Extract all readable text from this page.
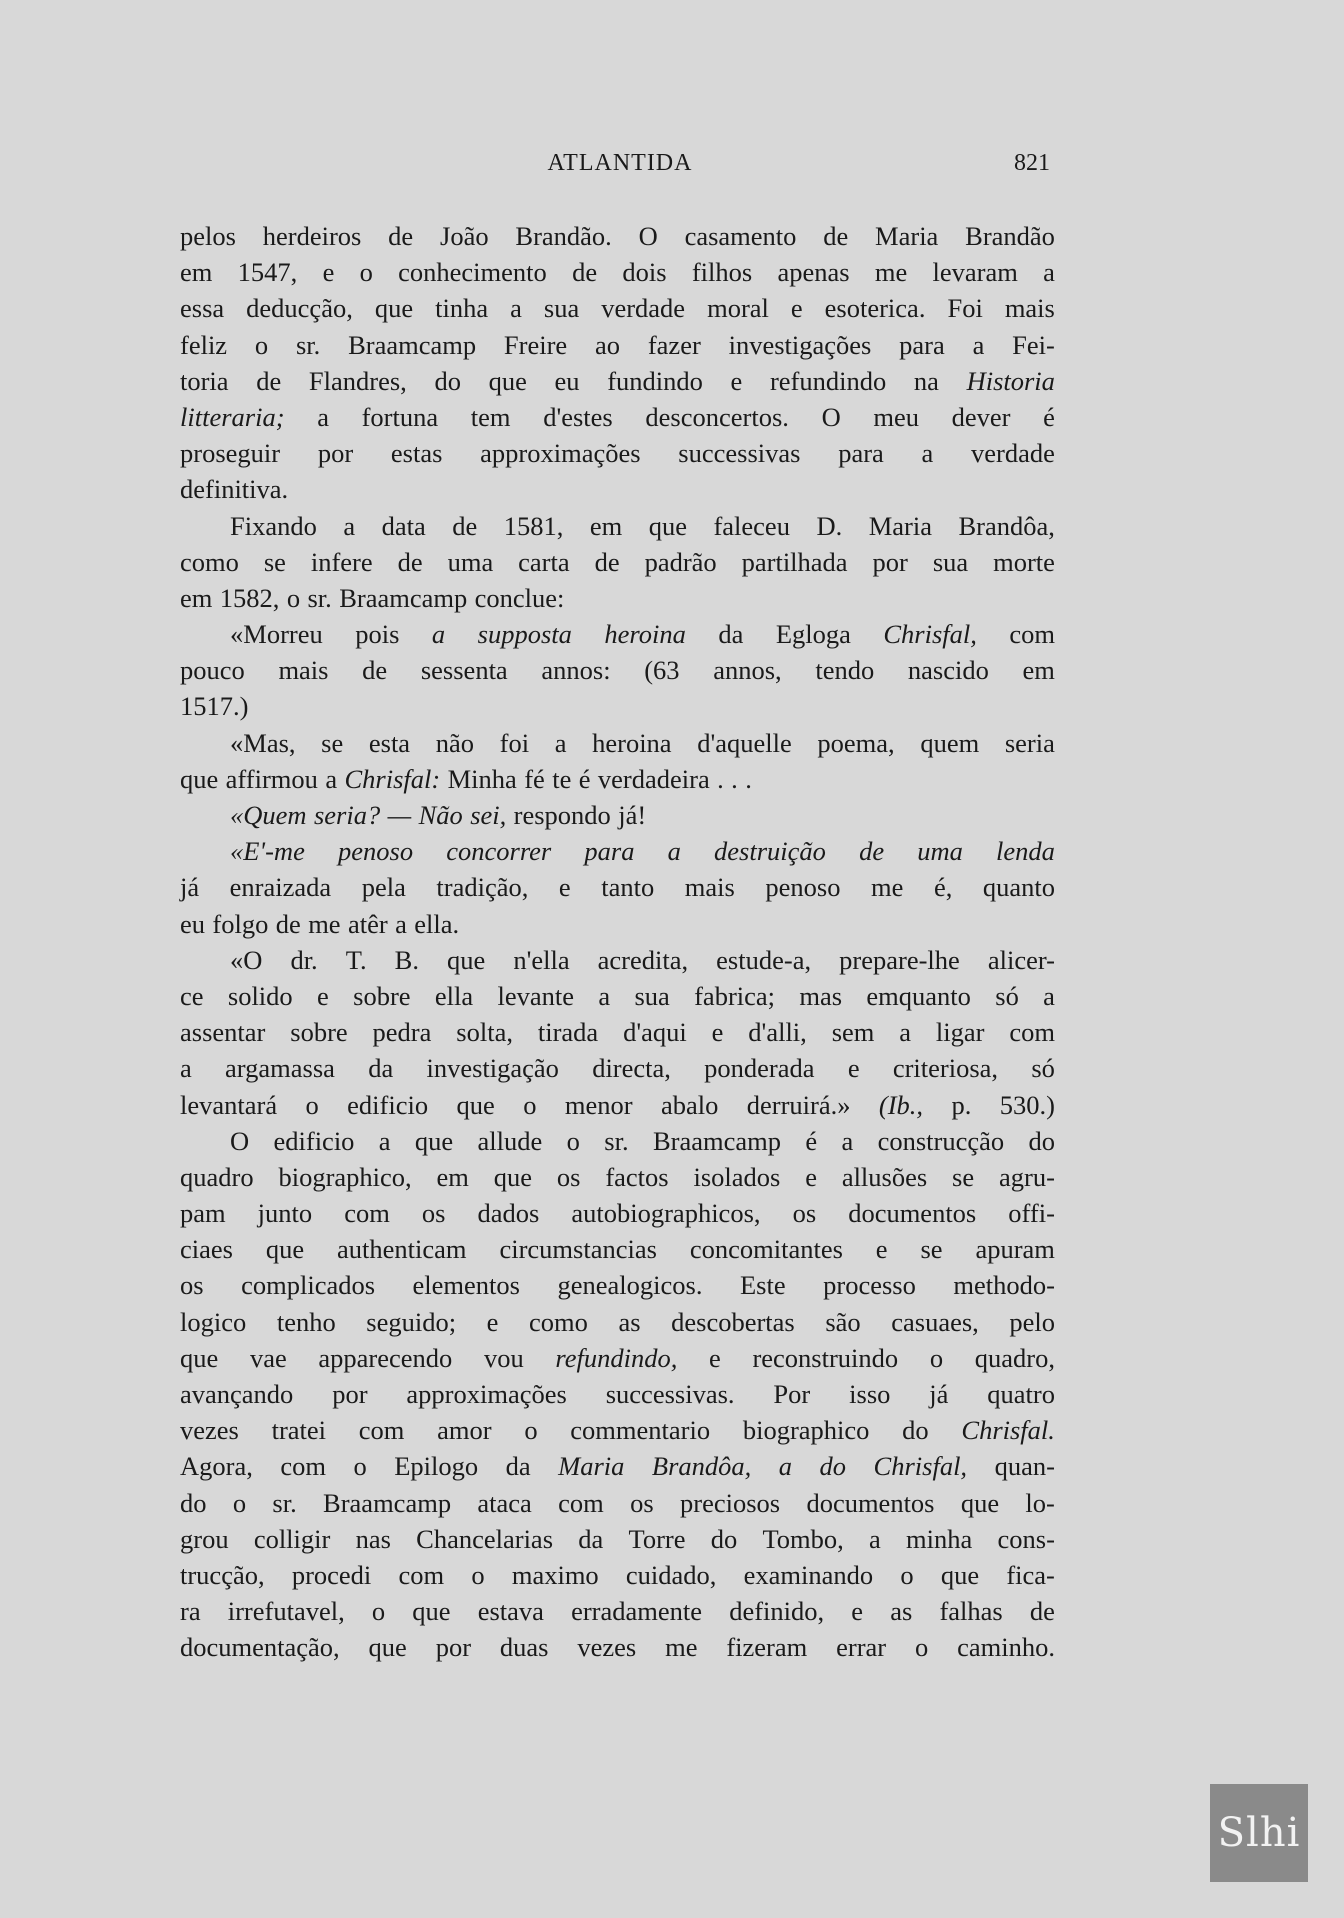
ATLANTIDA	821
pelos herdeiros de João Brandão. O casamento de Maria Brandão
em 1547, e o conhecimento de dois filhos apenas me levaram a
essa deducção, que tinha a sua verdade moral e esoterica. Foi mais
feliz o sr. Braamcamp Freire ao fazer investigações para a Fei-
toria de Flandres, do que eu fundindo e refundindo na Historia
litteraria; a fortuna tem d'estes desconcertos. O meu dever é
proseguir por estas approximações successivas para a verdade
definitiva.
Fixando a data de 1581, em que faleceu D. Maria Brandôa,
como se infere de uma carta de padrão partilhada por sua morte
em 1582, o sr. Braamcamp conclue:
«Morreu pois a supposta heroina da Egloga Chrisfal, com
pouco mais de sessenta annos: (63 annos, tendo nascido em
1517.)
«Mas, se esta não foi a heroina d'aquelle poema, quem seria
que affirmou a Chrisfal: Minha fé te é verdadeira . . .
«Quem seria? — Não sei, respondo já!
«E'-me penoso concorrer para a destruição de uma lenda
já enraizada pela tradição, e tanto mais penoso me é, quanto
eu folgo de me atêr a ella.
«O dr. T. B. que n'ella acredita, estude-a, prepare-lhe alicer-
ce solido e sobre ella levante a sua fabrica; mas emquanto só a
assentar sobre pedra solta, tirada d'aqui e d'alli, sem a ligar com
a argamassa da investigação directa, ponderada e criteriosa, só
levantará o edificio que o menor abalo derruirá.» (Ib., p. 530.)
O edificio a que allude o sr. Braamcamp é a construcção do
quadro biographico, em que os factos isolados e allusões se agru-
pam junto com os dados autobiographicos, os documentos offi-
ciaes que authenticam circumstancias concomitantes e se apuram
os complicados elementos genealogicos. Este processo methodo-
logico tenho seguido; e como as descobertas são casuaes, pelo
que vae apparecendo vou refundindo, e reconstruindo o quadro,
avançando por approximações successivas. Por isso já quatro
vezes tratei com amor o commentario biographico do Chrisfal.
Agora, com o Epilogo da Maria Brandôa, a do Chrisfal, quan-
do o sr. Braamcamp ataca com os preciosos documentos que lo-
grou colligir nas Chancelarias da Torre do Tombo, a minha cons-
trucção, procedi com o maximo cuidado, examinando o que fica-
ra irrefutavel, o que estava erradamente definido, e as falhas de
documentação, que por duas vezes me fizeram errar o caminho.
Slhi
